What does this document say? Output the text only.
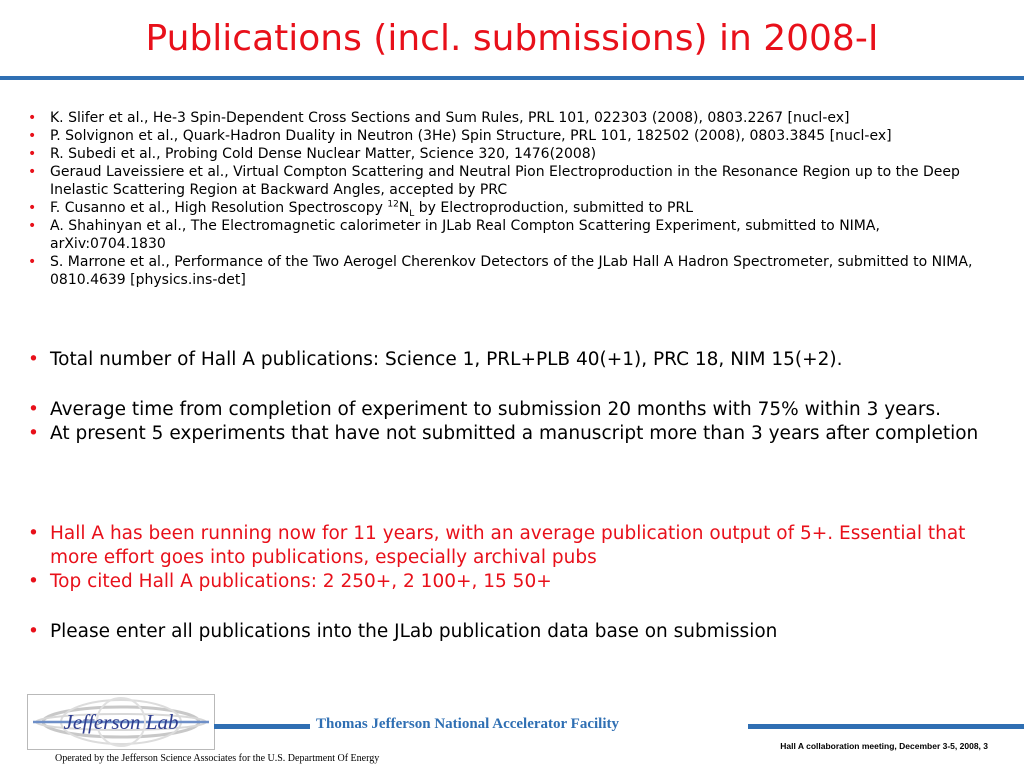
Publications (incl. submissions) in 2008-I
• K. Slifer et al., He-3 Spin-Dependent Cross Sections and Sum Rules, PRL 101, 022303 (2008), 0803.2267 [nucl-ex]
• P. Solvignon et al., Quark-Hadron Duality in Neutron (3He) Spin Structure, PRL 101, 182502 (2008), 0803.3845 [nucl-ex]
• R. Subedi et al., Probing Cold Dense Nuclear Matter, Science 320, 1476(2008)
• Geraud Laveissiere et al., Virtual Compton Scattering and Neutral Pion Electroproduction in the Resonance Region up to the Deep Inelastic Scattering Region at Backward Angles, accepted by PRC
• F. Cusanno et al., High Resolution Spectroscopy $^{12}N_L$ by Electroproduction, submitted to PRL
• A. Shahinyan et al., The Electromagnetic calorimeter in JLab Real Compton Scattering Experiment, submitted to NIMA, arXiv:0704.1830
• S. Marrone et al., Performance of the Two Aerogel Cherenkov Detectors of the JLab Hall A Hadron Spectrometer, submitted to NIMA, 0810.4639 [physics.ins-det]
• Total number of Hall A publications: Science 1, PRL+PLB 40(+1), PRC 18, NIM 15(+2).
• Average time from completion of experiment to submission 20 months with 75% within 3 years.
• At present 5 experiments that have not submitted a manuscript more than 3 years after completion
• Hall A has been running now for 11 years, with an average publication output of 5+. Essential that more effort goes into publications, especially archival pubs
• Top cited Hall A publications: 2 250+, 2 100+, 15 50+
• Please enter all publications into the JLab publication data base on submission
Jefferson Lab	Thomas Jefferson National Accelerator Facility
Hall A collaboration meeting, December 3-5, 2008, 3
Operated by the Jefferson Science Associates for the U.S. Department Of Energy
